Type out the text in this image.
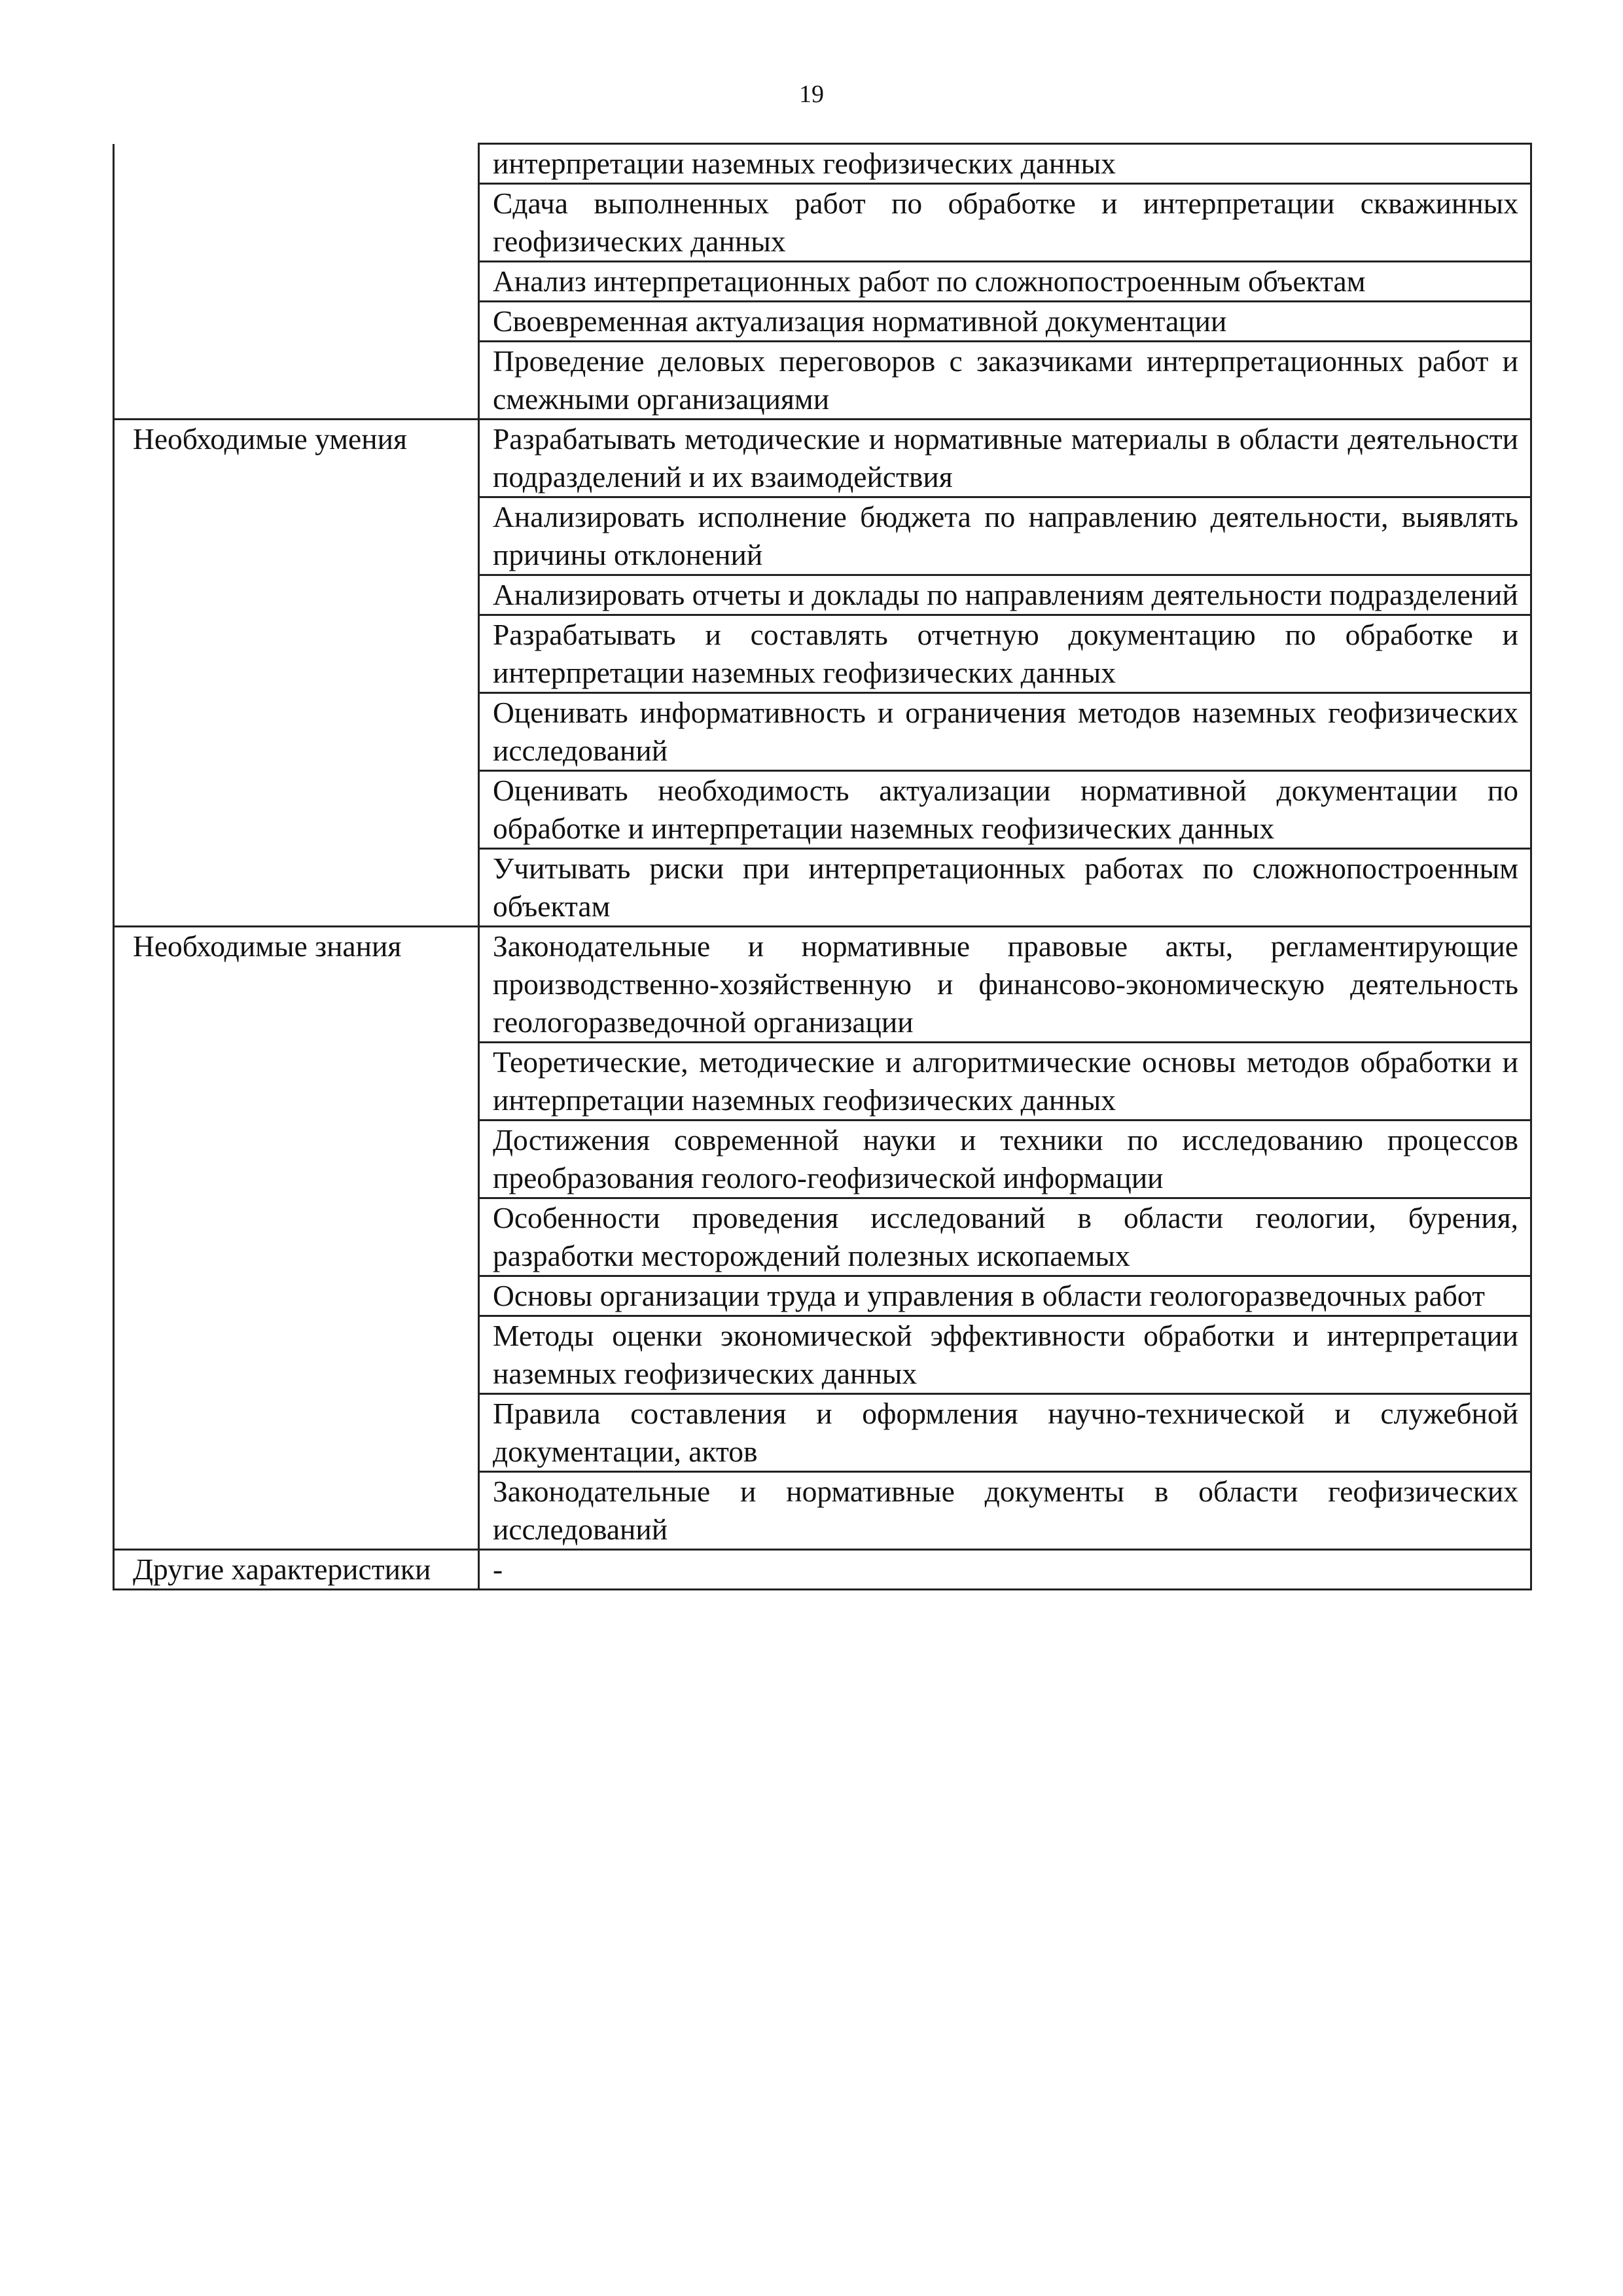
19
	интерпретации наземных геофизических данных
	Сдача выполненных работ по обработке и интерпретации скважинных геофизических данных
	Анализ интерпретационных работ по сложнопостроенным объектам
	Своевременная актуализация нормативной документации
	Проведение деловых переговоров с заказчиками интерпретационных работ и смежными организациями
Необходимые умения	Разрабатывать методические и нормативные материалы в области деятельности подразделений и их взаимодействия
	Анализировать исполнение бюджета по направлению деятельности, выявлять причины отклонений
	Анализировать отчеты и доклады по направлениям деятельности подразделений
	Разрабатывать и составлять отчетную документацию по обработке и интерпретации наземных геофизических данных
	Оценивать информативность и ограничения методов наземных геофизических исследований
	Оценивать необходимость актуализации нормативной документации по обработке и интерпретации наземных геофизических данных
	Учитывать риски при интерпретационных работах по сложнопостроенным объектам
Необходимые знания	Законодательные и нормативные правовые акты, регламентирующие производственно-хозяйственную и финансово-экономическую деятельность геологоразведочной организации
	Теоретические, методические и алгоритмические основы методов обработки и интерпретации наземных геофизических данных
	Достижения современной науки и техники по исследованию процессов преобразования геолого-геофизической информации
	Особенности проведения исследований в области геологии, бурения, разработки месторождений полезных ископаемых
	Основы организации труда и управления в области геологоразведочных работ
	Методы оценки экономической эффективности обработки и интерпретации наземных геофизических данных
	Правила составления и оформления научно-технической и служебной документации, актов
	Законодательные и нормативные документы в области геофизических исследований
Другие характеристики	-
